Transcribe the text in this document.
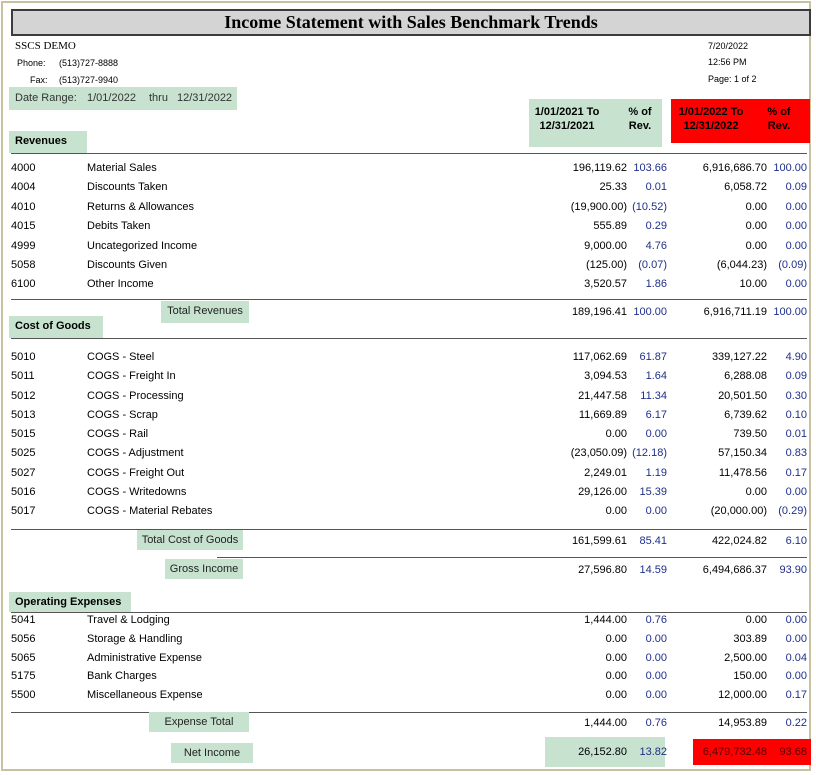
Income Statement with Sales Benchmark Trends
SSCS DEMO
Phone: (513)727-8888
Fax: (513)727-9940
7/20/2022
12:56 PM
Page: 1 of 2
Date Range: 1/01/2022 thru 12/31/2022
1/01/2021 To 12/31/2021
% of Rev.
1/01/2022 To 12/31/2022
% of Rev.
Revenues
4000	Material Sales	196,119.62 103.66	6,916,686.70 100.00
4004	Discounts Taken	25.33 0.01	6,058.72 0.09
4010	Returns & Allowances	(19,900.00) (10.52)	0.00 0.00
4015	Debits Taken	555.89 0.29	0.00 0.00
4999	Uncategorized Income	9,000.00 4.76	0.00 0.00
5058	Discounts Given	(125.00) (0.07)	(6,044.23) (0.09)
6100	Other Income	3,520.57 1.86	10.00 0.00
Total Revenues	189,196.41 100.00	6,916,711.19 100.00
Cost of Goods
5010	COGS - Steel	117,062.69 61.87	339,127.22 4.90
5011	COGS - Freight In	3,094.53 1.64	6,288.08 0.09
5012	COGS - Processing	21,447.58 11.34	20,501.50 0.30
5013	COGS - Scrap	11,669.89 6.17	6,739.62 0.10
5015	COGS - Rail	0.00 0.00	739.50 0.01
5025	COGS - Adjustment	(23,050.09) (12.18)	57,150.34 0.83
5027	COGS - Freight Out	2,249.01 1.19	11,478.56 0.17
5016	COGS - Writedowns	29,126.00 15.39	0.00 0.00
5017	COGS - Material Rebates	0.00 0.00	(20,000.00) (0.29)
Total Cost of Goods	161,599.61 85.41	422,024.82 6.10
Gross Income	27,596.80 14.59	6,494,686.37 93.90
Operating Expenses
5041	Travel & Lodging	1,444.00 0.76	0.00 0.00
5056	Storage & Handling	0.00 0.00	303.89 0.00
5065	Administrative Expense	0.00 0.00	2,500.00 0.04
5175	Bank Charges	0.00 0.00	150.00 0.00
5500	Miscellaneous Expense	0.00 0.00	12,000.00 0.17
Expense Total	1,444.00 0.76	14,953.89 0.22
Net Income	26,152.80 13.82	6,479,732.48 93.68
